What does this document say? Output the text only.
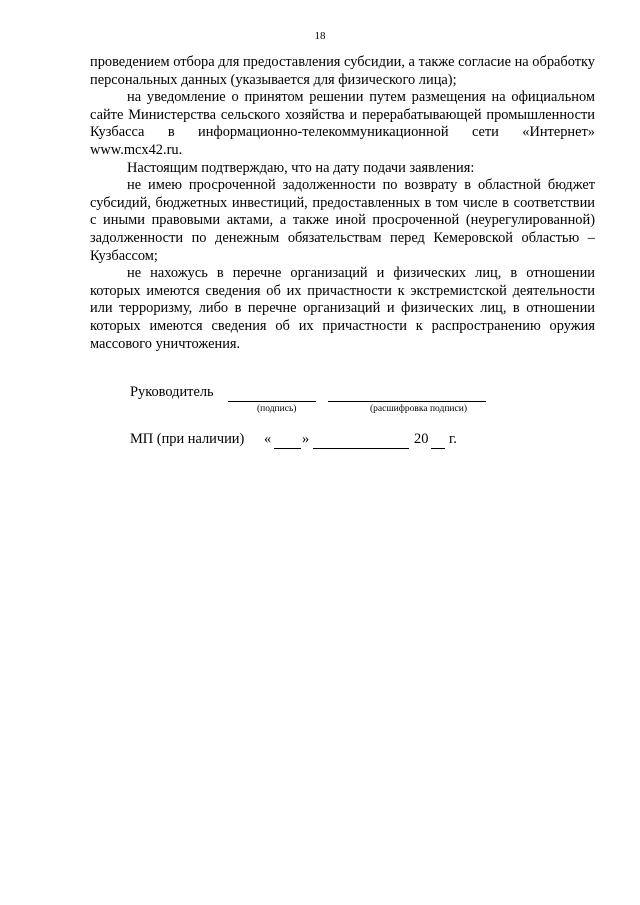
18

проведением отбора для предоставления субсидии, а также согласие на обработку персональных данных (указывается для физического лица);

на уведомление о принятом решении путем размещения на официальном сайте Министерства сельского хозяйства и перерабатывающей промышленности Кузбасса в информационно-телекоммуникационной сети «Интернет» www.mcx42.ru.

Настоящим подтверждаю, что на дату подачи заявления:

не имею просроченной задолженности по возврату в областной бюджет субсидий, бюджетных инвестиций, предоставленных в том числе в соответствии с иными правовыми актами, а также иной просроченной (неурегулированной) задолженности по денежным обязательствам перед Кемеровской областью – Кузбассом;

не нахожусь в перечне организаций и физических лиц, в отношении которых имеются сведения об их причастности к экстремистской деятельности или терроризму, либо в перечне организаций и физических лиц, в отношении которых имеются сведения об их причастности к распространению оружия массового уничтожения.

Руководитель
(подпись)	(расшифровка подписи)
МП (при наличии) « »	20 г.
